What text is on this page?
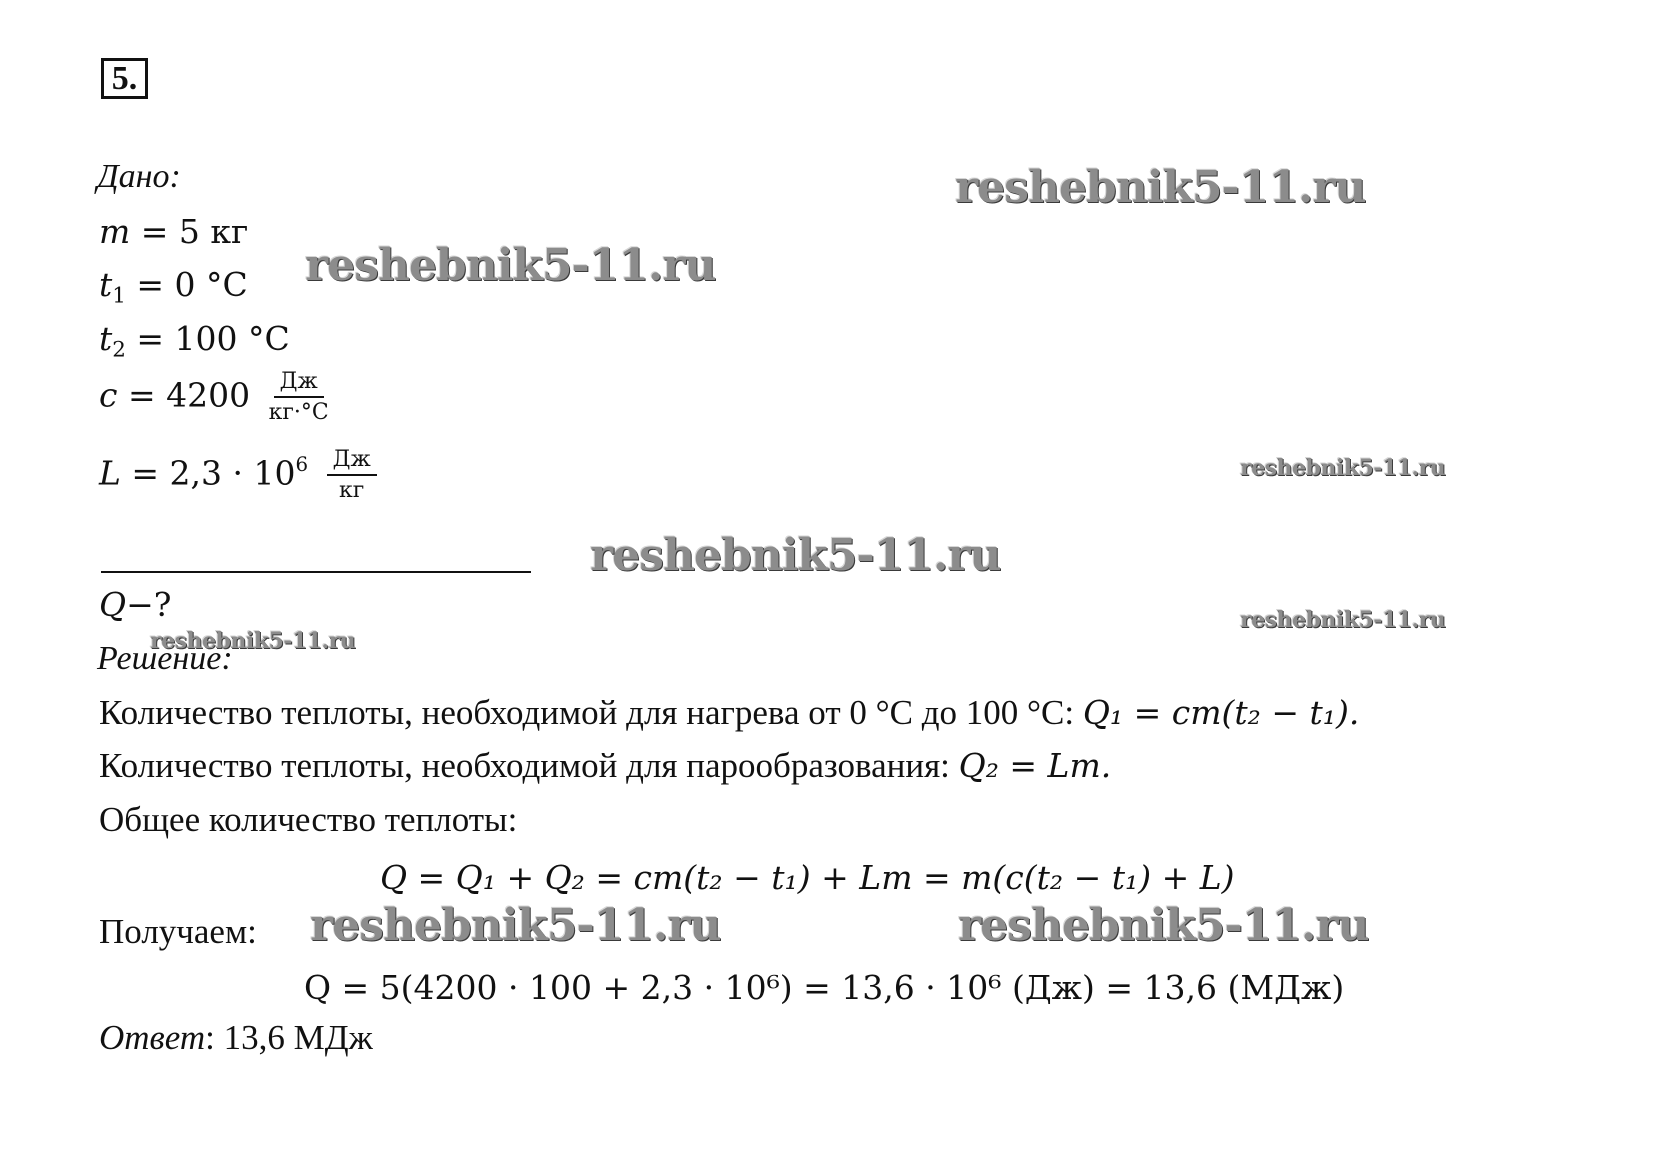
5.
Дано:
m = 5 кг
$t_1 = 0$ °C
$t_2 = 100$ °C
$c = 4200 \frac{Дж}{кг\cdot^\circ C}$
$L = 2,3 \cdot 10^6 \frac{Дж}{кг}$
Q−?
Решение:
Количество теплоты, необходимой для нагрева от 0 °C до 100 °C: Q₁ = cm(t₂ − t₁).
Количество теплоты, необходимой для парообразования: Q₂ = Lm.
Общее количество теплоты:
Q = Q₁ + Q₂ = cm(t₂ − t₁) + Lm = m(c(t₂ − t₁) + L)
Получаем:
Q = 5(4200 · 100 + 2,3 · 10⁶) = 13,6 · 10⁶ (Дж) = 13,6 (МДж)
Ответ: 13,6 МДж
reshebnik5-11.ru
reshebnik5-11.ru
reshebnik5-11.ru
reshebnik5-11.ru
reshebnik5-11.ru
reshebnik5-11.ru
reshebnik5-11.ru	reshebnik5-11.ru
